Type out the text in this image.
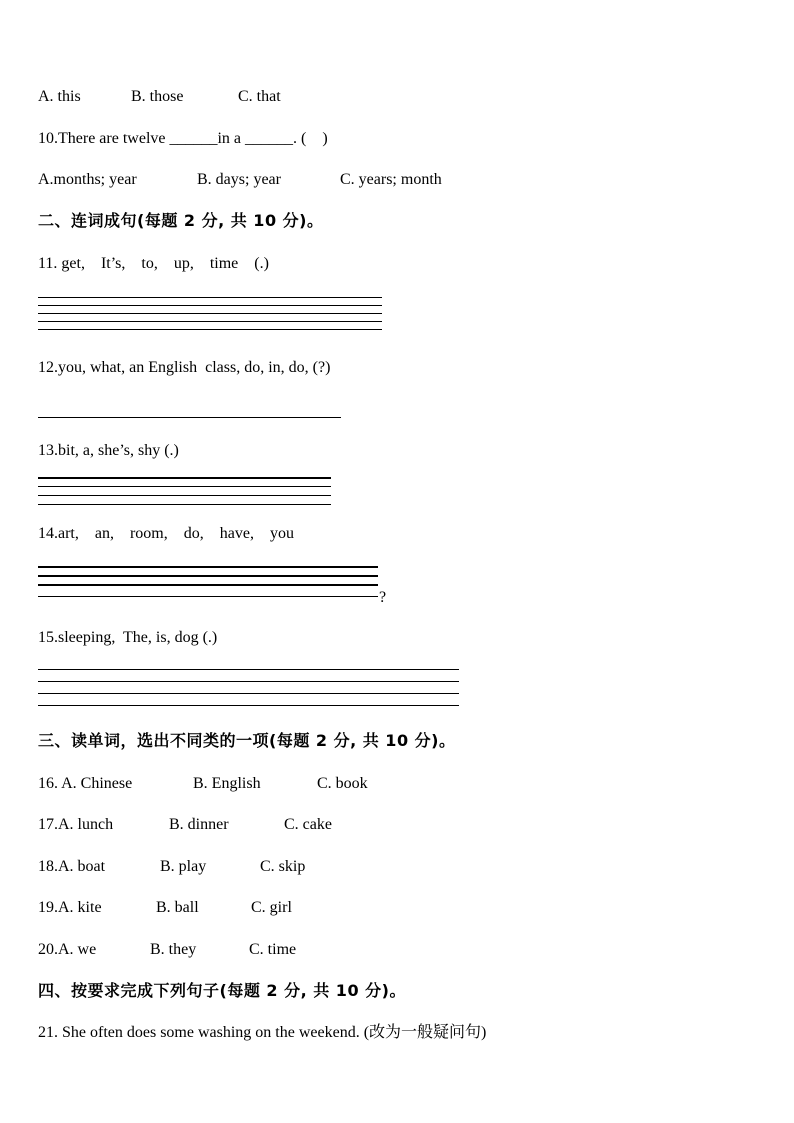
A. this	B. those	C. that
10.There are twelve ______in a ______. (    )
A.months; year	B. days; year	C. years; month
二、连词成句(每题 2 分, 共 10 分)。
11. get,    It’s,    to,    up,    time    (.)
12.you, what, an English  class, do, in, do, (?)
13.bit, a, she’s, shy (.)
14.art,    an,    room,    do,    have,    you
?
15.sleeping,  The, is, dog (.)
三、读单词，选出不同类的一项(每题 2 分, 共 10 分)。
16. A. Chinese	B. English	C. book
17.A. lunch	B. dinner	C. cake
18.A. boat	B. play	C. skip
19.A. kite	B. ball	C. girl
20.A. we	B. they	C. time
四、按要求完成下列句子(每题 2 分, 共 10 分)。
21. She often does some washing on the weekend. (改为一般疑问句)
